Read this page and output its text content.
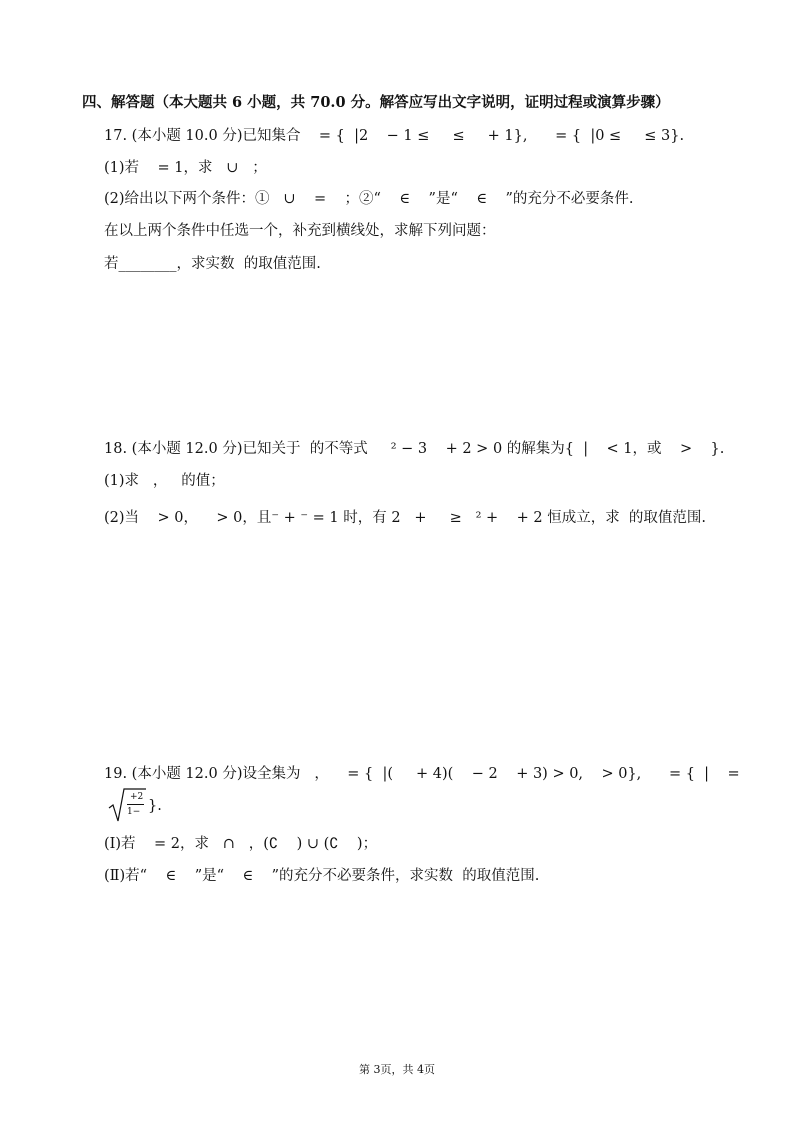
四、解答题（本大题共 6 小题，共 70.0 分。解答应写出文字说明，证明过程或演算步骤）
17. (本小题 10.0 分)已知集合    = {  |2    − 1 ≤     ≤     + 1},      = {  |0 ≤     ≤ 3}.
(1)若    = 1，求   ∪   ；
(2)给出以下两个条件：①   ∪    =    ；②“    ∈    ”是“    ∈    ”的充分不必要条件.
在以上两个条件中任选一个，补充到横线处，求解下列问题：
若________，求实数  的取值范围.
18. (本小题 12.0 分)已知关于  的不等式     ² − 3    + 2 > 0 的解集为{  |    < 1，或    >    }.
(1)求   ，   的值；
(2)当    > 0，    > 0，且⁻ + ⁻ = 1 时，有 2   +     ≥   ² +    + 2 恒成立，求  的取值范围.
19. (本小题 12.0 分)设全集为   ，    = {  |(     + 4)(    − 2    + 3) > 0,    > 0},      = {  |    =
+2
1− }.
(Ⅰ)若    = 2，求   ∩   ，(∁    ) ∪ (∁    )；
(Ⅱ)若“    ∈    ”是“    ∈    ”的充分不必要条件，求实数  的取值范围.
第 3页，共 4页
